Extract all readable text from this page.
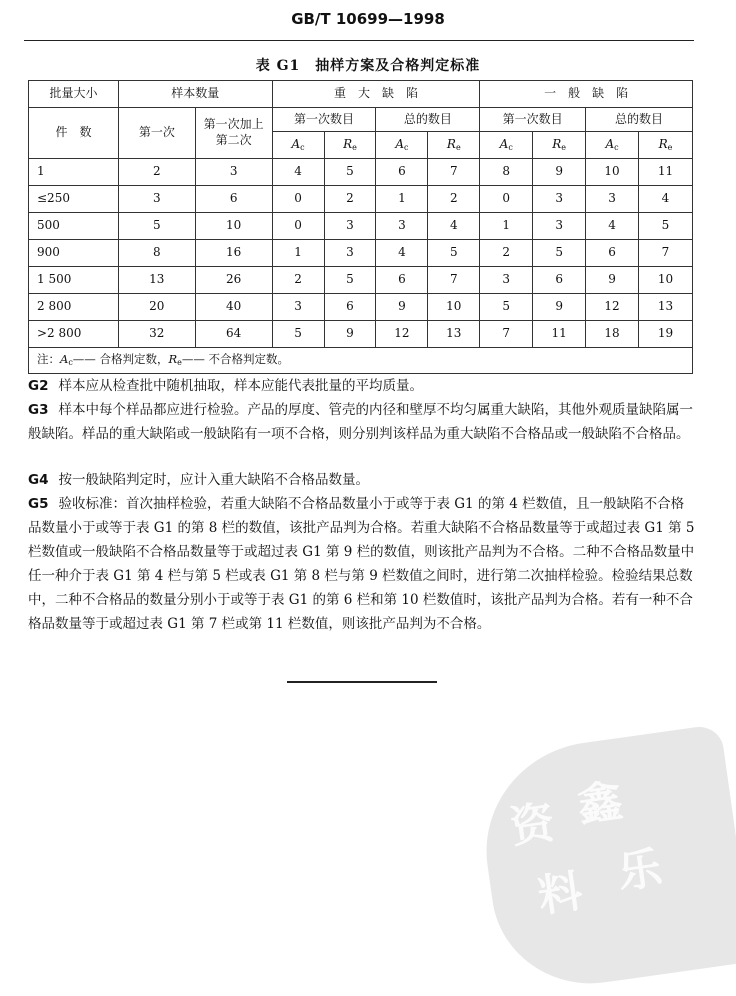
GB/T 10699—1998
表 G1　抽样方案及合格判定标准
批量大小	样本数量		重　大　缺　陷				一　般　缺　陷			
件　数	第一次	第一次加上第二次	第一次数目		总的数目		第一次数目		总的数目	
			$A_c$	$R_e$	$A_c$	$R_e$	$A_c$	$R_e$	$A_c$	$R_e$
1	2	3	4	5	6	7	8	9	10	11
≤250	3	6	0	2	1	2	0	3	3	4
500	5	10	0	3	3	4	1	3	4	5
900	8	16	1	3	4	5	2	5	6	7
1 500	13	26	2	5	6	7	3	6	9	10
2 800	20	40	3	6	9	10	5	9	12	13
>2 800	32	64	5	9	12	13	7	11	18	19
注：$A_c——$ 合格判定数，$R_e——$ 不合格判定数。										
G2 样本应从检查批中随机抽取，样本应能代表批量的平均质量。
G3 样本中每个样品都应进行检验。产品的厚度、管壳的内径和壁厚不均匀属重大缺陷，其他外观质量缺陷属一般缺陷。样品的重大缺陷或一般缺陷有一项不合格，则分别判该样品为重大缺陷不合格品或一般缺陷不合格品。
G4 按一般缺陷判定时，应计入重大缺陷不合格品数量。
G5 验收标准：首次抽样检验，若重大缺陷不合格品数量小于或等于表 G1 的第 4 栏数值，且一般缺陷不合格品数量小于或等于表 G1 的第 8 栏的数值，该批产品判为合格。若重大缺陷不合格品数量等于或超过表 G1 第 5 栏数值或一般缺陷不合格品数量等于或超过表 G1 第 9 栏的数值，则该批产品判为不合格。二种不合格品数量中任一种介于表 G1 第 4 栏与第 5 栏或表 G1 第 8 栏与第 9 栏数值之间时，进行第二次抽样检验。检验结果总数中，二种不合格品的数量分别小于或等于表 G1 的第 6 栏和第 10 栏数值时，该批产品判为合格。若有一种不合格品数量等于或超过表 G1 第 7 栏或第 11 栏数值，则该批产品判为不合格。
资 鑫
料 乐
